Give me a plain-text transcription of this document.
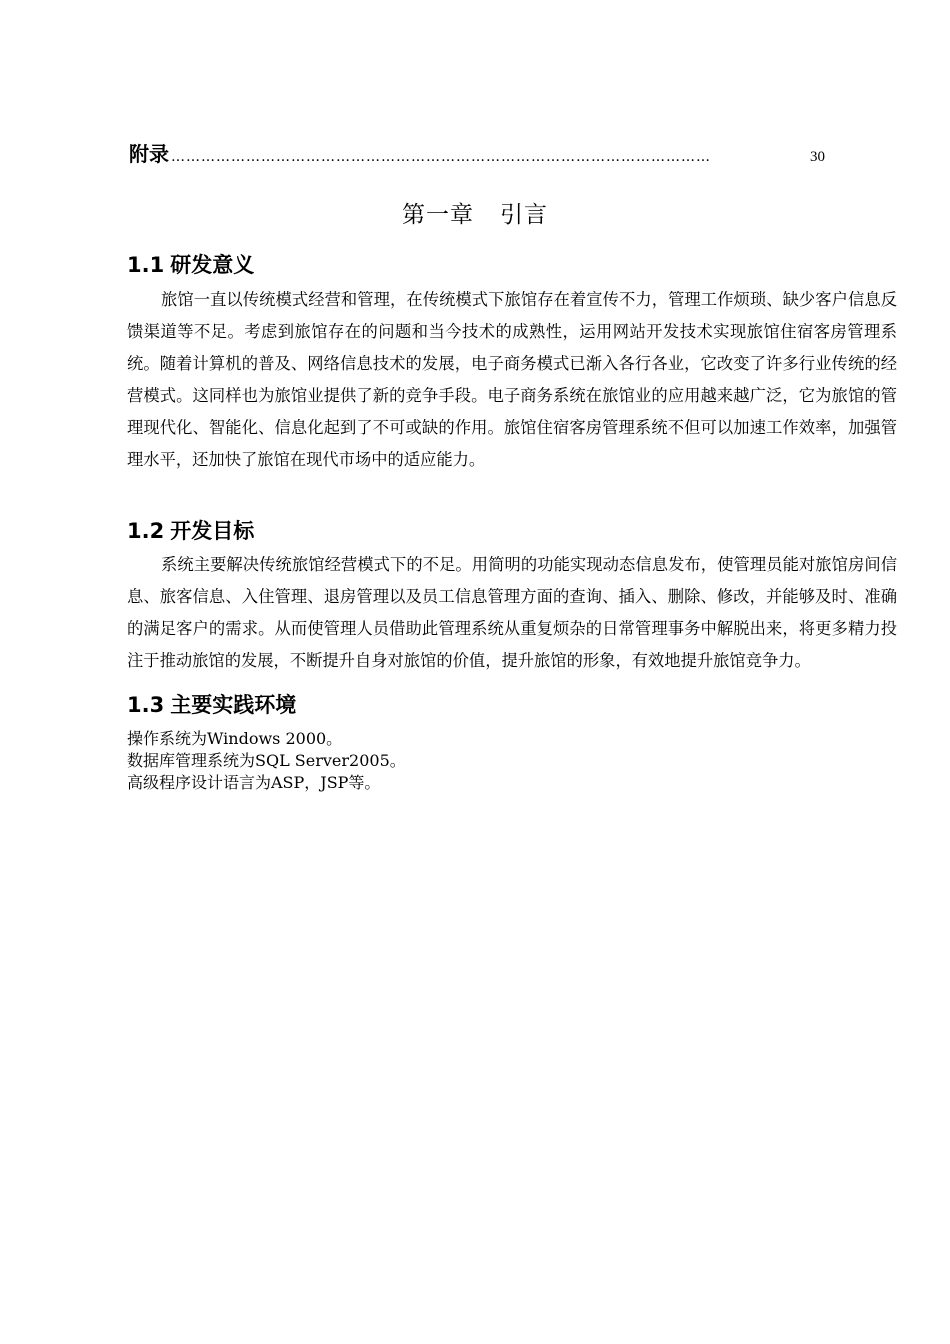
附录 ………………………………………………………………………………………………	30
第一章 引言
1.1 研发意义

旅馆一直以传统模式经营和管理，在传统模式下旅馆存在着宣传不力，管理工作烦琐、缺少客户信息反馈渠道等不足。考虑到旅馆存在的问题和当今技术的成熟性，运用网站开发技术实现旅馆住宿客房管理系统。随着计算机的普及、网络信息技术的发展，电子商务模式已渐入各行各业，它改变了许多行业传统的经营模式。这同样也为旅馆业提供了新的竞争手段。电子商务系统在旅馆业的应用越来越广泛，它为旅馆的管理现代化、智能化、信息化起到了不可或缺的作用。旅馆住宿客房管理系统不但可以加速工作效率，加强管理水平，还加快了旅馆在现代市场中的适应能力。

1.2 开发目标

系统主要解决传统旅馆经营模式下的不足。用简明的功能实现动态信息发布，使管理员能对旅馆房间信息、旅客信息、入住管理、退房管理以及员工信息管理方面的查询、插入、删除、修改，并能够及时、准确的满足客户的需求。从而使管理人员借助此管理系统从重复烦杂的日常管理事务中解脱出来，将更多精力投注于推动旅馆的发展，不断提升自身对旅馆的价值，提升旅馆的形象，有效地提升旅馆竞争力。

1.3 主要实践环境
操作系统为Windows 2000。
数据库管理系统为SQL Server2005。
高级程序设计语言为ASP，JSP等。
